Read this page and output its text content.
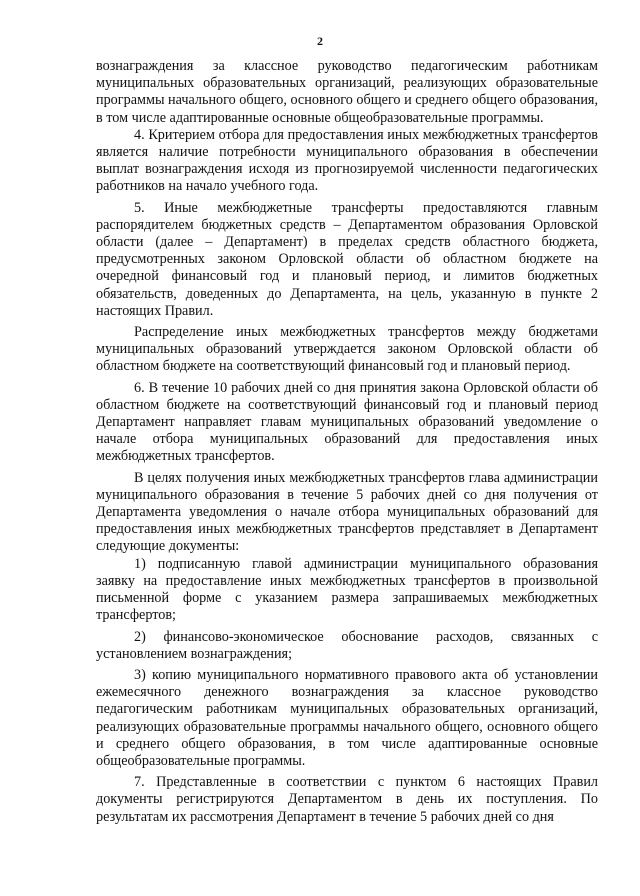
2

вознаграждения за классное руководство педагогическим работникам муниципальных образовательных организаций, реализующих образовательные программы начального общего, основного общего и среднего общего образования, в том числе адаптированные основные общеобразовательные программы.

4. Критерием отбора для предоставления иных межбюджетных трансфертов является наличие потребности муниципального образования в обеспечении выплат вознаграждения исходя из прогнозируемой численности педагогических работников на начало учебного года.

5. Иные межбюджетные трансферты предоставляются главным распорядителем бюджетных средств – Департаментом образования Орловской области (далее – Департамент) в пределах средств областного бюджета, предусмотренных законом Орловской области об областном бюджете на очередной финансовый год и плановый период, и лимитов бюджетных обязательств, доведенных до Департамента, на цель, указанную в пункте 2 настоящих Правил.

Распределение иных межбюджетных трансфертов между бюджетами муниципальных образований утверждается законом Орловской области об областном бюджете на соответствующий финансовый год и плановый период.

6. В течение 10 рабочих дней со дня принятия закона Орловской области об областном бюджете на соответствующий финансовый год и плановый период Департамент направляет главам муниципальных образований уведомление о начале отбора муниципальных образований для предоставления иных межбюджетных трансфертов.

В целях получения иных межбюджетных трансфертов глава администрации муниципального образования в течение 5 рабочих дней со дня получения от Департамента уведомления о начале отбора муниципальных образований для предоставления иных межбюджетных трансфертов представляет в Департамент следующие документы:

1) подписанную главой администрации муниципального образования заявку на предоставление иных межбюджетных трансфертов в произвольной письменной форме с указанием размера запрашиваемых межбюджетных трансфертов;

2) финансово-экономическое обоснование расходов, связанных с установлением вознаграждения;

3) копию муниципального нормативного правового акта об установлении ежемесячного денежного вознаграждения за классное руководство педагогическим работникам муниципальных образовательных организаций, реализующих образовательные программы начального общего, основного общего и среднего общего образования, в том числе адаптированные основные общеобразовательные программы.

7. Представленные в соответствии с пунктом 6 настоящих Правил документы регистрируются Департаментом в день их поступления. По результатам их рассмотрения Департамент в течение 5 рабочих дней со дня
